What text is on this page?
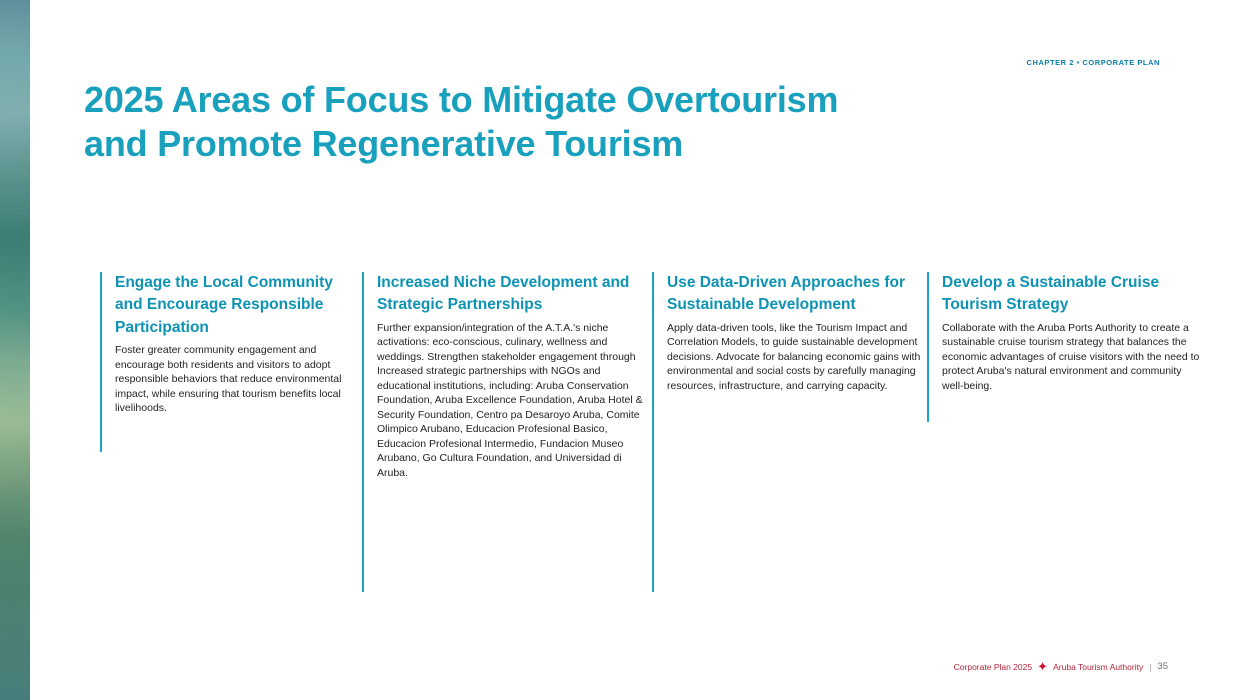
CHAPTER 2 • CORPORATE PLAN
2025 Areas of Focus to Mitigate Overtourism and Promote Regenerative Tourism
Engage the Local Community and Encourage Responsible Participation

Foster greater community engagement and encourage both residents and visitors to adopt responsible behaviors that reduce environmental impact, while ensuring that tourism benefits local livelihoods.

Increased Niche Development and Strategic Partnerships

Further expansion/integration of the A.T.A.'s niche activations: eco-conscious, culinary, wellness and weddings. Strengthen stakeholder engagement through Increased strategic partnerships with NGOs and educational institutions, including: Aruba Conservation Foundation, Aruba Excellence Foundation, Aruba Hotel & Security Foundation, Centro pa Desaroyo Aruba, Comite Olimpico Arubano, Educacion Profesional Basico, Educacion Profesional Intermedio, Fundacion Museo Arubano, Go Cultura Foundation, and Universidad di Aruba.

Use Data-Driven Approaches for Sustainable Development

Apply data-driven tools, like the Tourism Impact and Correlation Models, to guide sustainable development decisions. Advocate for balancing economic gains with environmental and social costs by carefully managing resources, infrastructure, and carrying capacity.

Develop a Sustainable Cruise Tourism Strategy

Collaborate with the Aruba Ports Authority to create a sustainable cruise tourism strategy that balances the economic advantages of cruise visitors with the need to protect Aruba's natural environment and community well-being.

Corporate Plan 2025 ✦ Aruba Tourism Authority | 35
